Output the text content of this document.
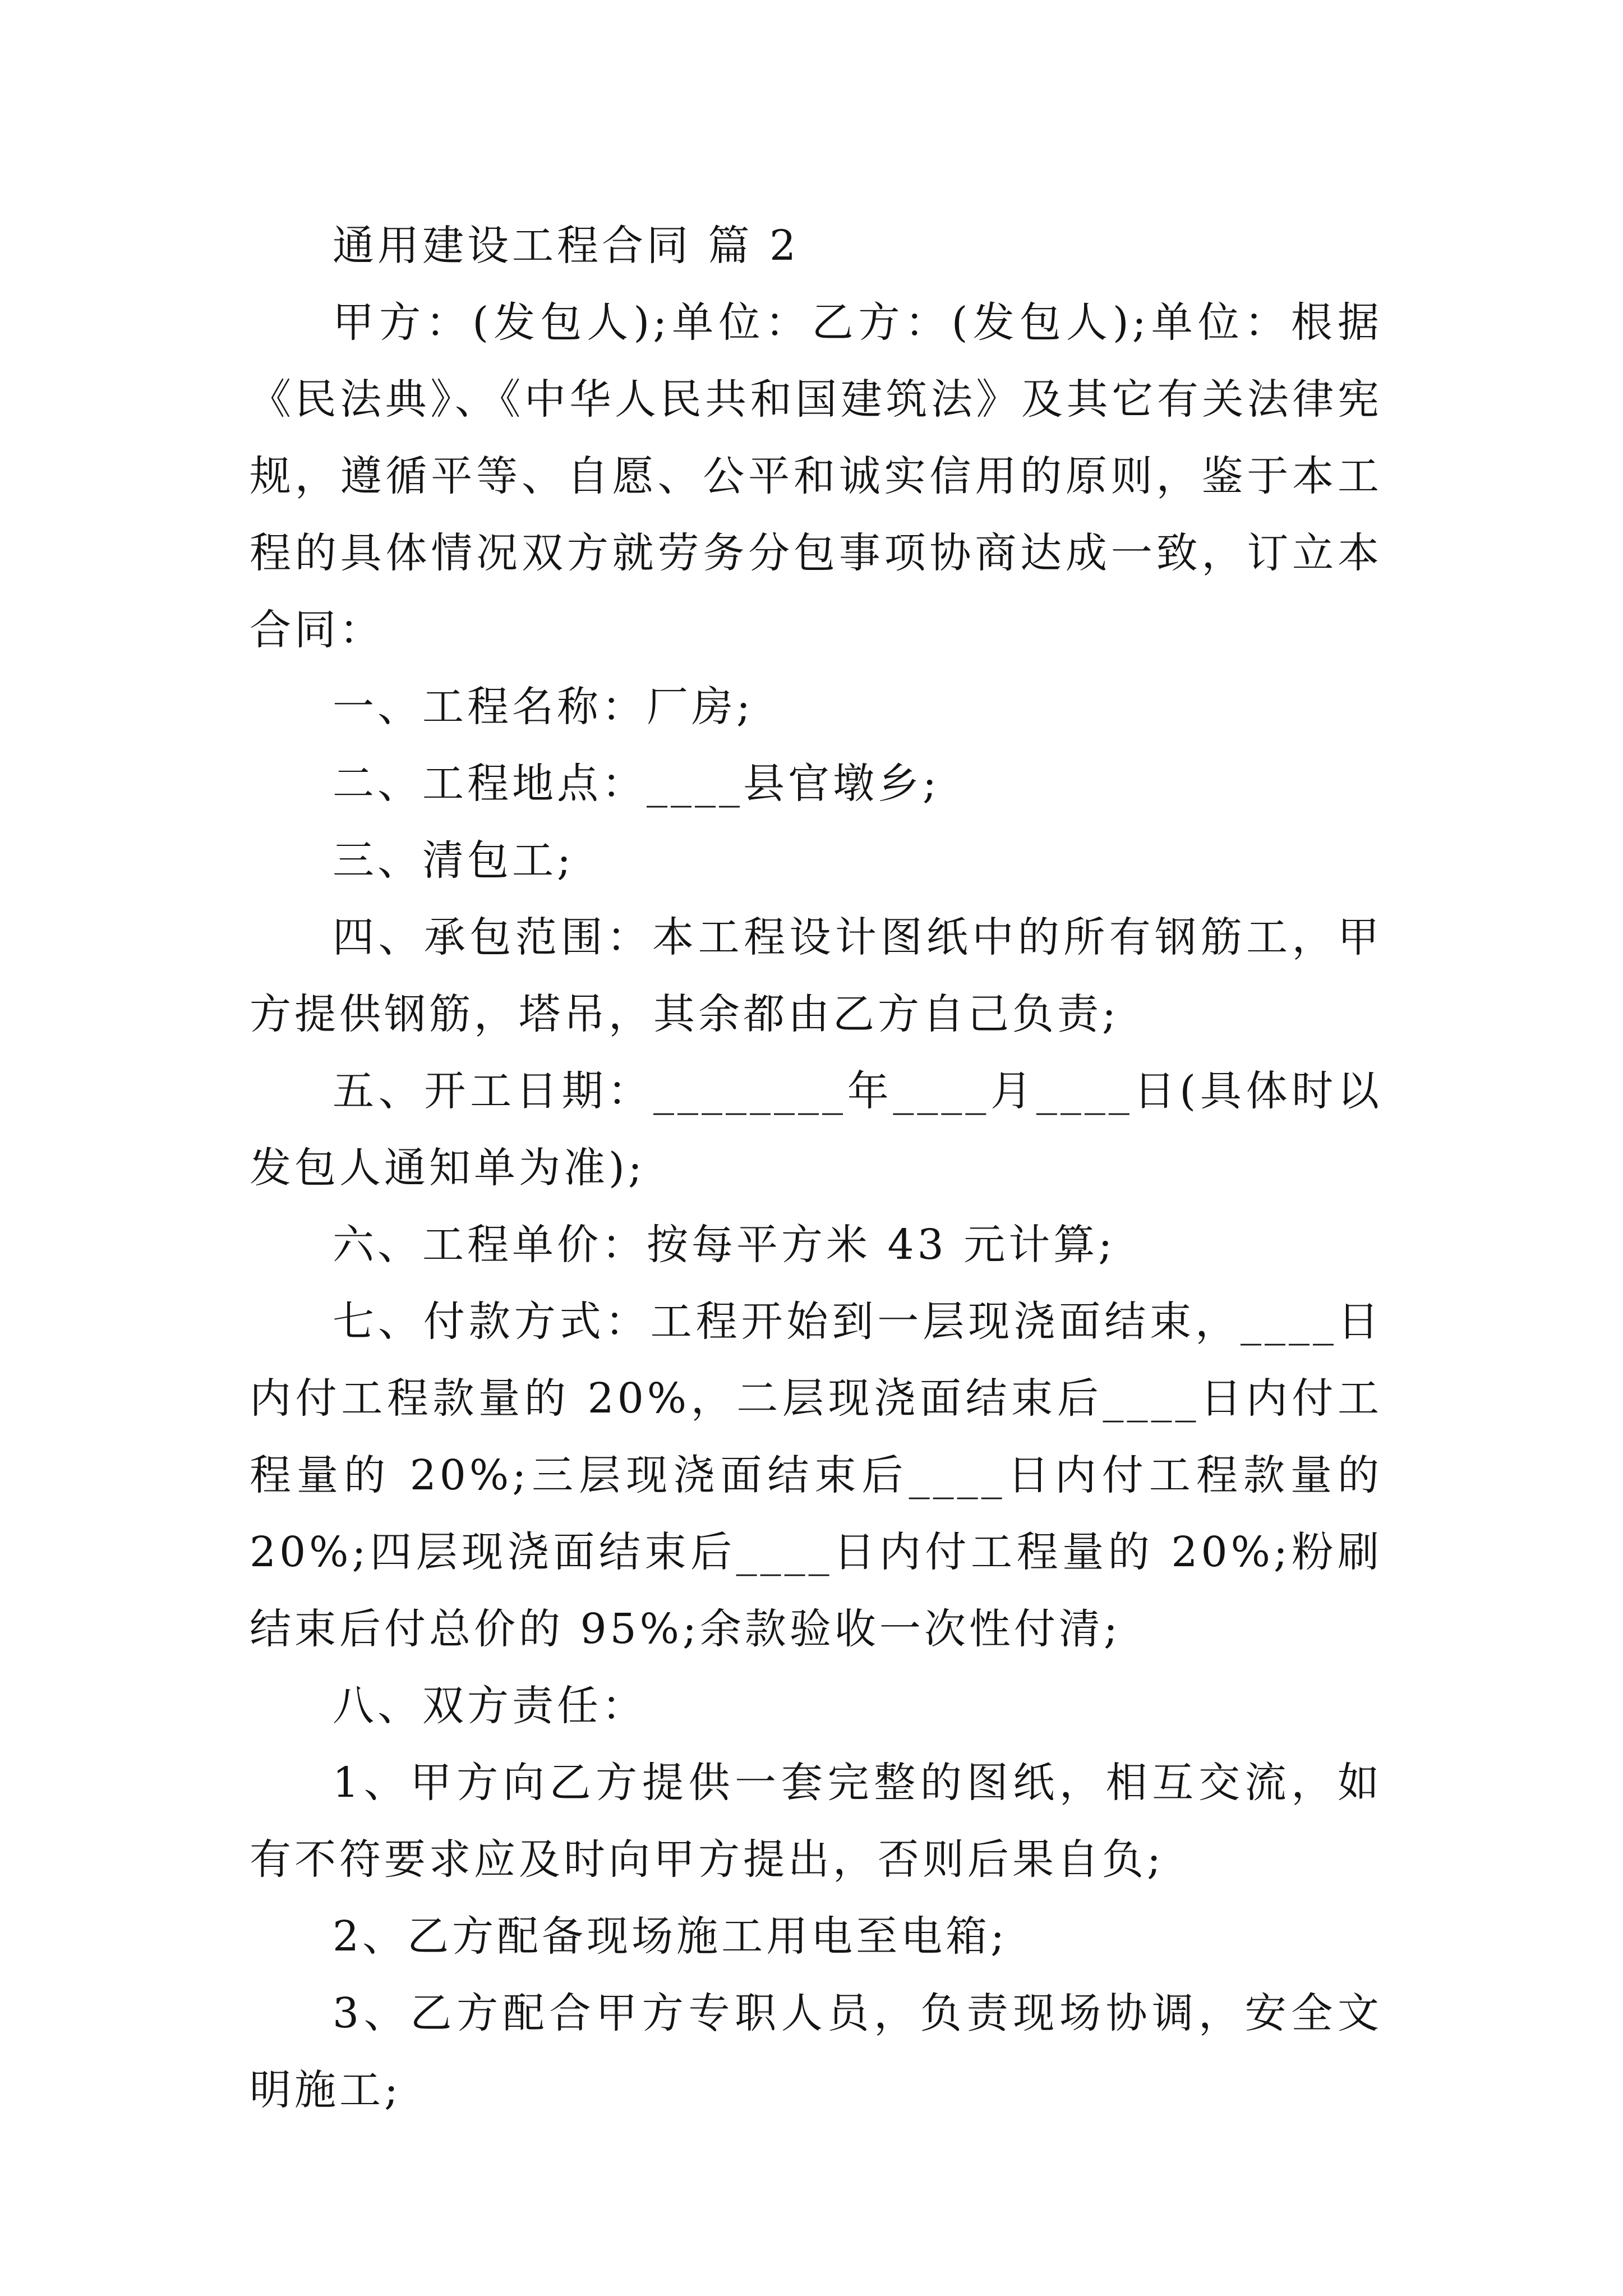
通用建设工程合同 篇 2

甲方：(发包人);单位：乙方：(发包人);单位：根据《民法典》、《中华人民共和国建筑法》及其它有关法律宪规，遵循平等、自愿、公平和诚实信用的原则，鉴于本工程的具体情况双方就劳务分包事项协商达成一致，订立本合同：

一、工程名称：厂房;

二、工程地点：____县官墩乡;

三、清包工;

四、承包范围：本工程设计图纸中的所有钢筋工，甲方提供钢筋，塔吊，其余都由乙方自己负责;

五、开工日期：________年____月____日(具体时以发包人通知单为准);

六、工程单价：按每平方米 43 元计算;

七、付款方式：工程开始到一层现浇面结束，____日内付工程款量的 20%，二层现浇面结束后____日内付工程量的 20%;三层现浇面结束后____日内付工程款量的 20%;四层现浇面结束后____日内付工程量的 20%;粉刷结束后付总价的 95%;余款验收一次性付清;

八、双方责任：

1、甲方向乙方提供一套完整的图纸，相互交流，如有不符要求应及时向甲方提出，否则后果自负;

2、乙方配备现场施工用电至电箱;

3、乙方配合甲方专职人员，负责现场协调，安全文明施工;
